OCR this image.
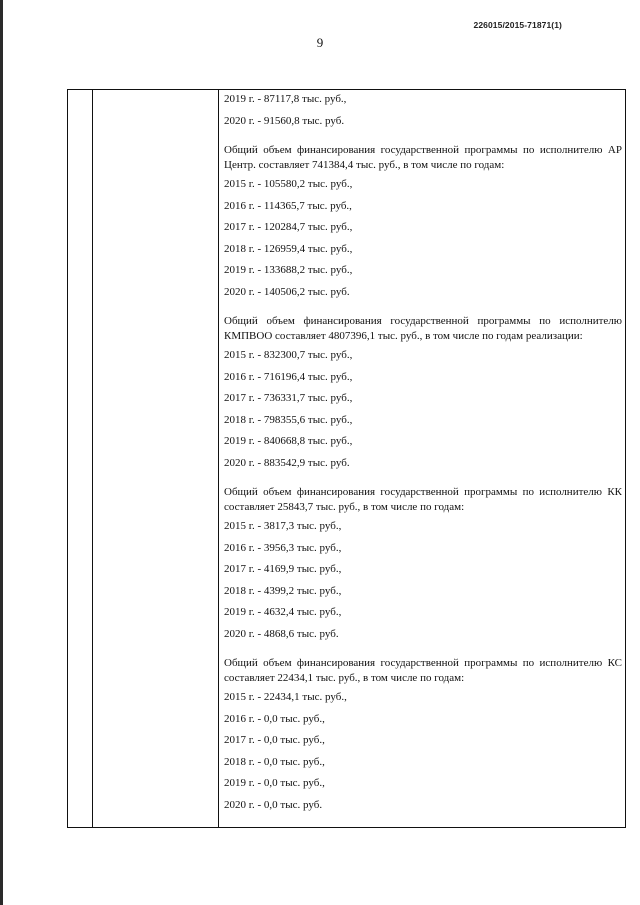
226015/2015-71871(1)
9
2019 г. - 87117,8 тыс. руб.,
2020 г. - 91560,8 тыс. руб.
Общий объем финансирования государственной программы по исполнителю АР Центр. составляет 741384,4 тыс. руб., в том числе по годам:
2015 г. - 105580,2 тыс. руб.,
2016 г. - 114365,7 тыс. руб.,
2017 г. - 120284,7 тыс. руб.,
2018 г. - 126959,4 тыс. руб.,
2019 г. - 133688,2 тыс. руб.,
2020 г. - 140506,2 тыс. руб.
Общий объем финансирования государственной программы по исполнителю КМПВОО составляет 4807396,1 тыс. руб., в том числе по годам реализации:
2015 г. - 832300,7 тыс. руб.,
2016 г. - 716196,4 тыс. руб.,
2017 г. - 736331,7 тыс. руб.,
2018 г. - 798355,6 тыс. руб.,
2019 г. - 840668,8 тыс. руб.,
2020 г. - 883542,9 тыс. руб.
Общий объем финансирования государственной программы по исполнителю КК составляет 25843,7 тыс. руб., в том числе по годам:
2015 г. - 3817,3 тыс. руб.,
2016 г. - 3956,3 тыс. руб.,
2017 г. - 4169,9 тыс. руб.,
2018 г. - 4399,2 тыс. руб.,
2019 г. - 4632,4 тыс. руб.,
2020 г. - 4868,6 тыс. руб.
Общий объем финансирования государственной программы по исполнителю КС составляет 22434,1 тыс. руб., в том числе по годам:
2015 г. - 22434,1 тыс. руб.,
2016 г. - 0,0 тыс. руб.,
2017 г. - 0,0 тыс. руб.,
2018 г. - 0,0 тыс. руб.,
2019 г. - 0,0 тыс. руб.,
2020 г. - 0,0 тыс. руб.
